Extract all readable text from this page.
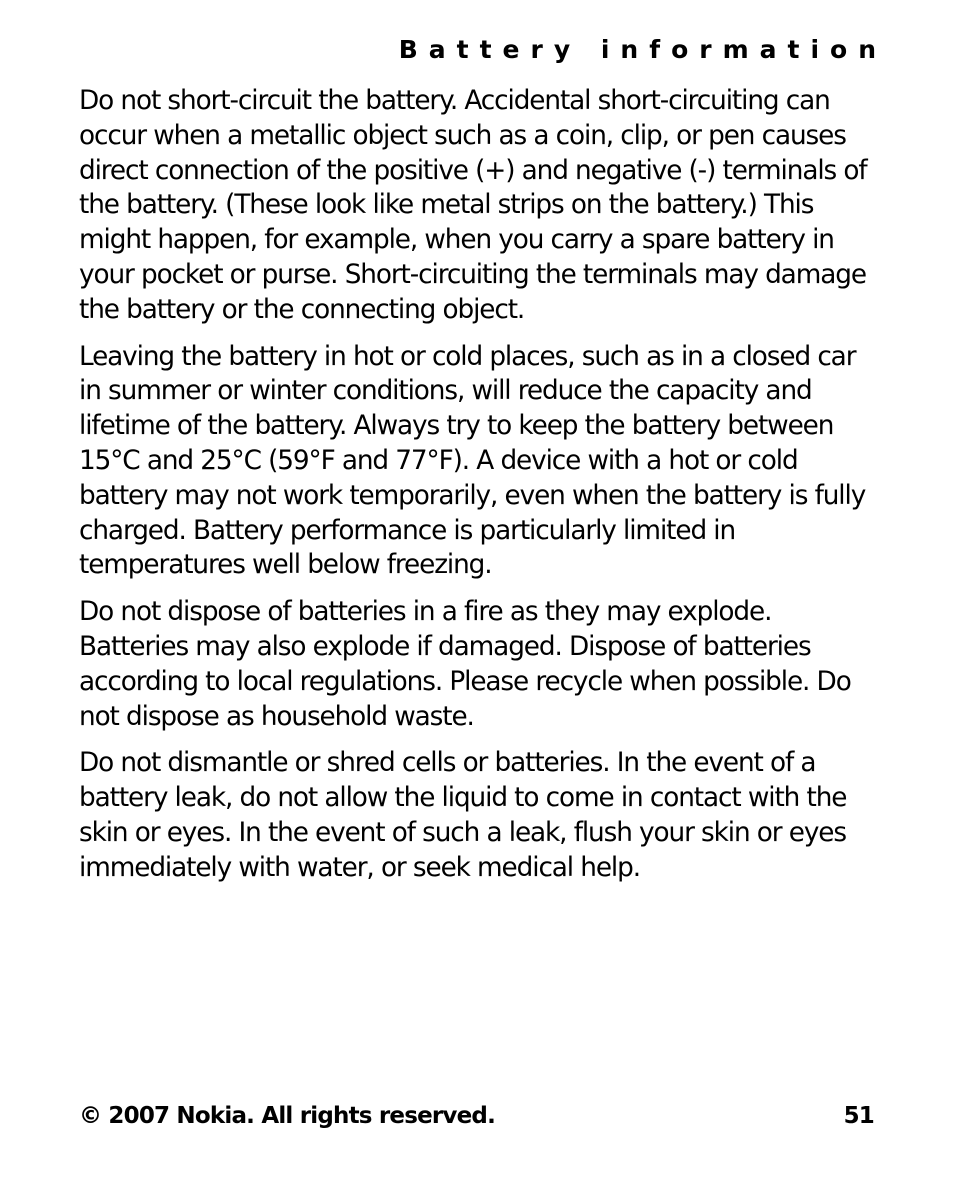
Battery information

Do not short-circuit the battery. Accidental short-circuiting can occur when a metallic object such as a coin, clip, or pen causes direct connection of the positive (+) and negative (-) terminals of the battery. (These look like metal strips on the battery.) This might happen, for example, when you carry a spare battery in your pocket or purse. Short-circuiting the terminals may damage the battery or the connecting object.

Leaving the battery in hot or cold places, such as in a closed car in summer or winter conditions, will reduce the capacity and lifetime of the battery. Always try to keep the battery between 15°C and 25°C (59°F and 77°F). A device with a hot or cold battery may not work temporarily, even when the battery is fully charged. Battery performance is particularly limited in temperatures well below freezing.

Do not dispose of batteries in a fire as they may explode. Batteries may also explode if damaged. Dispose of batteries according to local regulations. Please recycle when possible. Do not dispose as household waste.

Do not dismantle or shred cells or batteries. In the event of a battery leak, do not allow the liquid to come in contact with the skin or eyes. In the event of such a leak, flush your skin or eyes immediately with water, or seek medical help.

© 2007 Nokia. All rights reserved.	51
